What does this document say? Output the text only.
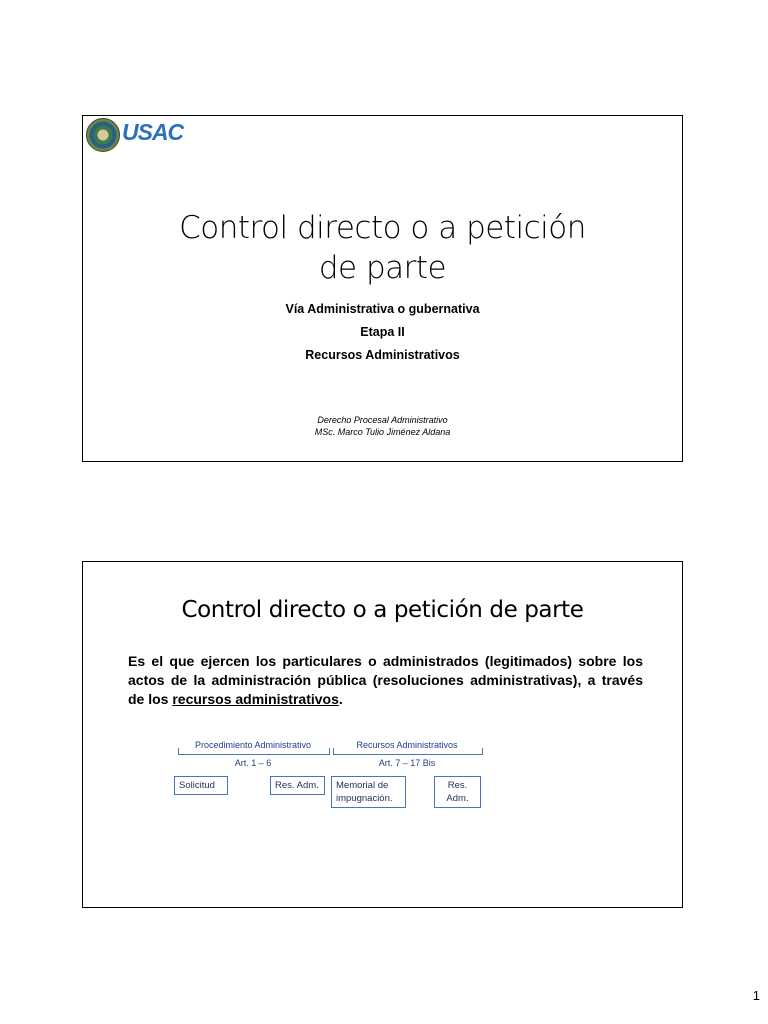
USAC
Control directo o a petición
de parte
Vía Administrativa o gubernativa
Etapa II
Recursos Administrativos
Derecho Procesal Administrativo
MSc. Marco Tulio Jiménez Aldana
Control directo o a petición de parte
Es el que ejercen los particulares o administrados (legitimados) sobre los actos de la administración pública (resoluciones administrativas), a través de los recursos administrativos.
Procedimiento Administrativo	Recursos Administrativos
Art. 1 – 6	Art. 7 – 17 Bis
Solicitud	Res. Adm.	Memorial de impugnación.
Res. Adm.
1
